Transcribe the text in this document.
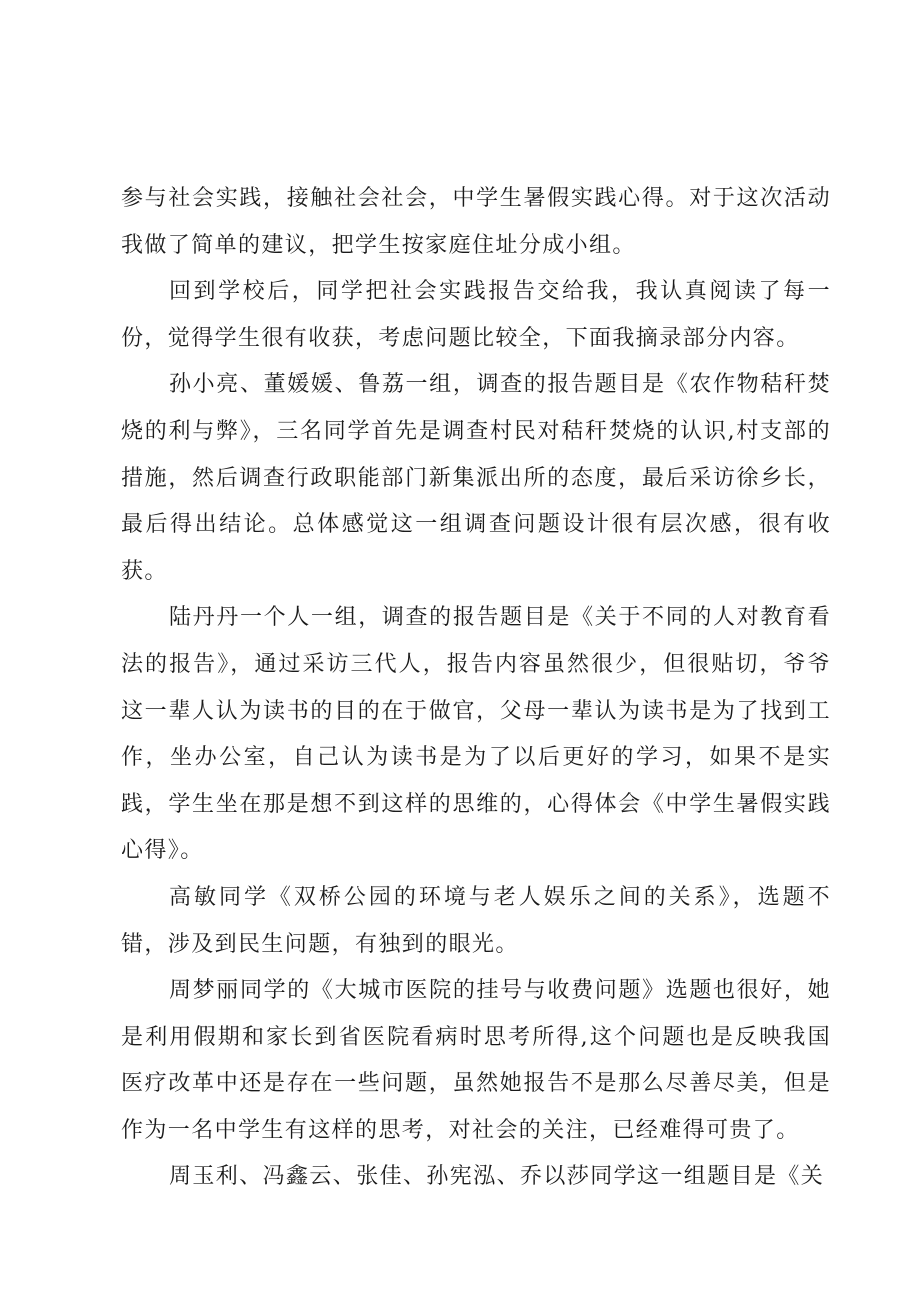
参与社会实践，接触社会社会，中学生暑假实践心得。对于这次活动我做了简单的建议，把学生按家庭住址分成小组。

回到学校后，同学把社会实践报告交给我，我认真阅读了每一份，觉得学生很有收获，考虑问题比较全，下面我摘录部分内容。

孙小亮、董媛媛、鲁荔一组，调查的报告题目是《农作物秸秆焚烧的利与弊》，三名同学首先是调查村民对秸秆焚烧的认识,村支部的措施，然后调查行政职能部门新集派出所的态度，最后采访徐乡长，最后得出结论。总体感觉这一组调查问题设计很有层次感，很有收获。

陆丹丹一个人一组，调查的报告题目是《关于不同的人对教育看法的报告》，通过采访三代人，报告内容虽然很少，但很贴切，爷爷这一辈人认为读书的目的在于做官，父母一辈认为读书是为了找到工作，坐办公室，自己认为读书是为了以后更好的学习，如果不是实践，学生坐在那是想不到这样的思维的，心得体会《中学生暑假实践心得》。

高敏同学《双桥公园的环境与老人娱乐之间的关系》，选题不错，涉及到民生问题，有独到的眼光。

周梦丽同学的《大城市医院的挂号与收费问题》选题也很好，她是利用假期和家长到省医院看病时思考所得,这个问题也是反映我国医疗改革中还是存在一些问题，虽然她报告不是那么尽善尽美，但是作为一名中学生有这样的思考，对社会的关注，已经难得可贵了。

周玉利、冯鑫云、张佳、孙宪泓、乔以莎同学这一组题目是《关
